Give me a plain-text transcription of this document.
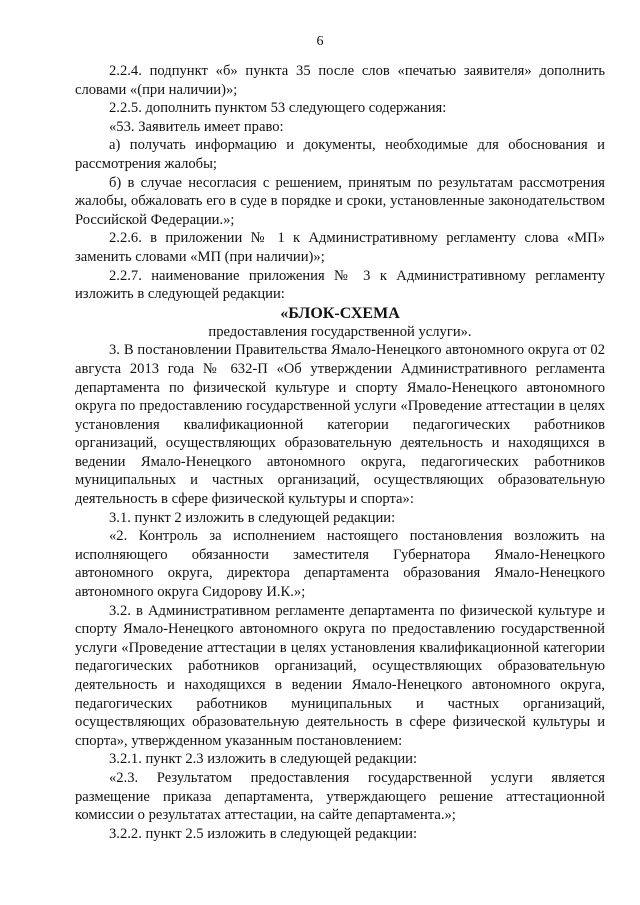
6

2.2.4. подпункт «б» пункта 35 после слов «печатью заявителя» дополнить словами «(при наличии)»;

2.2.5. дополнить пунктом 53 следующего содержания:

«53. Заявитель имеет право:

а) получать информацию и документы, необходимые для обоснования и рассмотрения жалобы;

б) в случае несогласия с решением, принятым по результатам рассмотрения жалобы, обжаловать его в суде в порядке и сроки, установленные законодательством Российской Федерации.»;

2.2.6. в приложении № 1 к Административному регламенту слова «МП» заменить словами «МП (при наличии)»;

2.2.7. наименование приложения № 3 к Административному регламенту изложить в следующей редакции:

«БЛОК-СХЕМА

предоставления государственной услуги».

3. В постановлении Правительства Ямало-Ненецкого автономного округа от 02 августа 2013 года № 632-П «Об утверждении Административного регламента департамента по физической культуре и спорту Ямало-Ненецкого автономного округа по предоставлению государственной услуги «Проведение аттестации в целях установления квалификационной категории педагогических работников организаций, осуществляющих образовательную деятельность и находящихся в ведении Ямало-Ненецкого автономного округа, педагогических работников муниципальных и частных организаций, осуществляющих образовательную деятельность в сфере физической культуры и спорта»:

3.1. пункт 2 изложить в следующей редакции:

«2. Контроль за исполнением настоящего постановления возложить на исполняющего обязанности заместителя Губернатора Ямало-Ненецкого автономного округа, директора департамента образования Ямало-Ненецкого автономного округа Сидорову И.К.»;

3.2. в Административном регламенте департамента по физической культуре и спорту Ямало-Ненецкого автономного округа по предоставлению государственной услуги «Проведение аттестации в целях установления квалификационной категории педагогических работников организаций, осуществляющих образовательную деятельность и находящихся в ведении Ямало-Ненецкого автономного округа, педагогических работников муниципальных и частных организаций, осуществляющих образовательную деятельность в сфере физической культуры и спорта», утвержденном указанным постановлением:

3.2.1. пункт 2.3 изложить в следующей редакции:

«2.3. Результатом предоставления государственной услуги является размещение приказа департамента, утверждающего решение аттестационной комиссии о результатах аттестации, на сайте департамента.»;

3.2.2. пункт 2.5 изложить в следующей редакции:
